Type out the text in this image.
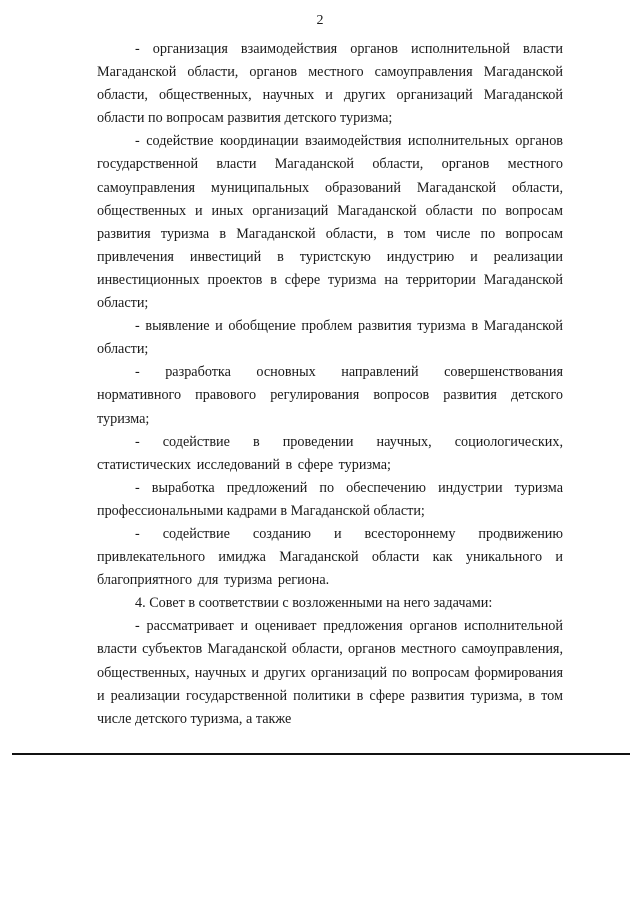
2

- организация взаимодействия органов исполнительной власти Магаданской области, органов местного самоуправления Магаданской области, общественных, научных и других организаций Магаданской области по вопросам развития детского туризма;

- содействие координации взаимодействия исполнительных органов государственной власти Магаданской области, органов местного самоуправления муниципальных образований Магаданской области, общественных и иных организаций Магаданской области по вопросам развития туризма в Магаданской области, в том числе по вопросам привлечения инвестиций в туристскую индустрию и реализации инвестиционных проектов в сфере туризма на территории Магаданской области;

- выявление и обобщение проблем развития туризма в Магаданской области;

- разработка основных направлений совершенствования нормативного правового регулирования вопросов развития детского туризма;

- содействие в проведении научных, социологических, статистических исследований в сфере туризма;

- выработка предложений по обеспечению индустрии туризма профессиональными кадрами в Магаданской области;

- содействие созданию и всестороннему продвижению привлекательного имиджа Магаданской области как уникального и благоприятного для туризма региона.

4. Совет в соответствии с возложенными на него задачами:

- рассматривает и оценивает предложения органов исполнительной власти субъектов Магаданской области, органов местного самоуправления, общественных, научных и других организаций по вопросам формирования и реализации государственной политики в сфере развития туризма, в том числе детского туризма, а также
